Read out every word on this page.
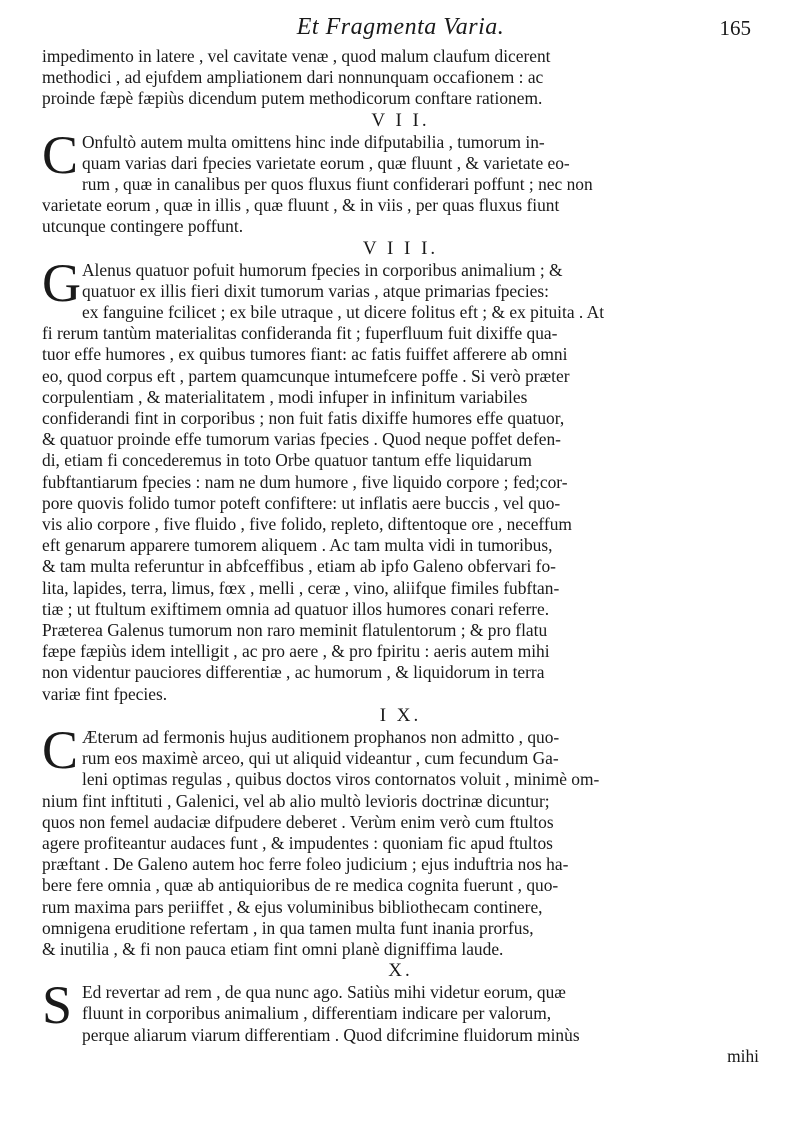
Et Fragmenta Varia.	165
impedimento in latere , vel cavitate venæ , quod malum claufum dicerent
methodici , ad ejufdem ampliationem dari nonnunquam occafionem : ac
proinde fæpè fæpiùs dicendum putem methodicorum conftare rationem.
V I I.
C Onfultò autem multa omittens hinc inde difputabilia , tumorum in-
quam varias dari fpecies varietate eorum , quæ fluunt , & varietate eo-
rum , quæ in canalibus per quos fluxus fiunt confiderari poffunt ; nec non
varietate eorum , quæ in illis , quæ fluunt , & in viis , per quas fluxus fiunt
utcunque contingere poffunt.
V I I I.
G Alenus quatuor pofuit humorum fpecies in corporibus animalium ; &
quatuor ex illis fieri dixit tumorum varias , atque primarias fpecies:
ex fanguine fcilicet ; ex bile utraque , ut dicere folitus eft ; & ex pituita . At
fi rerum tantùm materialitas confideranda fit ; fuperfluum fuit dixiffe qua-
tuor effe humores , ex quibus tumores fiant: ac fatis fuiffet afferere ab omni
eo, quod corpus eft , partem quamcunque intumefcere poffe . Si verò præter
corpulentiam , & materialitatem , modi infuper in infinitum variabiles
confiderandi fint in corporibus ; non fuit fatis dixiffe humores effe quatuor,
& quatuor proinde effe tumorum varias fpecies . Quod neque poffet defen-
di, etiam fi concederemus in toto Orbe quatuor tantum effe liquidarum
fubftantiarum fpecies : nam ne dum humore , five liquido corpore ; fed;cor-
pore quovis folido tumor poteft confiftere: ut inflatis aere buccis , vel quo-
vis alio corpore , five fluido , five folido, repleto, diftentoque ore , neceffum
eft genarum apparere tumorem aliquem . Ac tam multa vidi in tumoribus,
& tam multa referuntur in abfceffibus , etiam ab ipfo Galeno obfervari fo-
lita, lapides, terra, limus, fœx , melli , ceræ , vino, aliifque fimiles fubftan-
tiæ ; ut ftultum exiftimem omnia ad quatuor illos humores conari referre.
Præterea Galenus tumorum non raro meminit flatulentorum ; & pro flatu
fæpe fæpiùs idem intelligit , ac pro aere , & pro fpiritu : aeris autem mihi
non videntur pauciores differentiæ , ac humorum , & liquidorum in terra
variæ fint fpecies.
I X.
C Æterum ad fermonis hujus auditionem prophanos non admitto , quo-
rum eos maximè arceo, qui ut aliquid videantur , cum fecundum Ga-
leni optimas regulas , quibus doctos viros contornatos voluit , minimè om-
nium fint inftituti , Galenici, vel ab alio multò levioris doctrinæ dicuntur;
quos non femel audaciæ difpudere deberet . Verùm enim verò cum ftultos
agere profiteantur audaces funt , & impudentes : quoniam fic apud ftultos
præftant . De Galeno autem hoc ferre foleo judicium ; ejus induftria nos ha-
bere fere omnia , quæ ab antiquioribus de re medica cognita fuerunt , quo-
rum maxima pars periiffet , & ejus voluminibus bibliothecam continere,
omnigena eruditione refertam , in qua tamen multa funt inania prorfus,
& inutilia , & fi non pauca etiam fint omni planè digniffima laude.
X.
S Ed revertar ad rem , de qua nunc ago. Satiùs mihi videtur eorum, quæ
fluunt in corporibus animalium , differentiam indicare per valorum,
perque aliarum viarum differentiam . Quod difcrimine fluidorum minùs
mihi
